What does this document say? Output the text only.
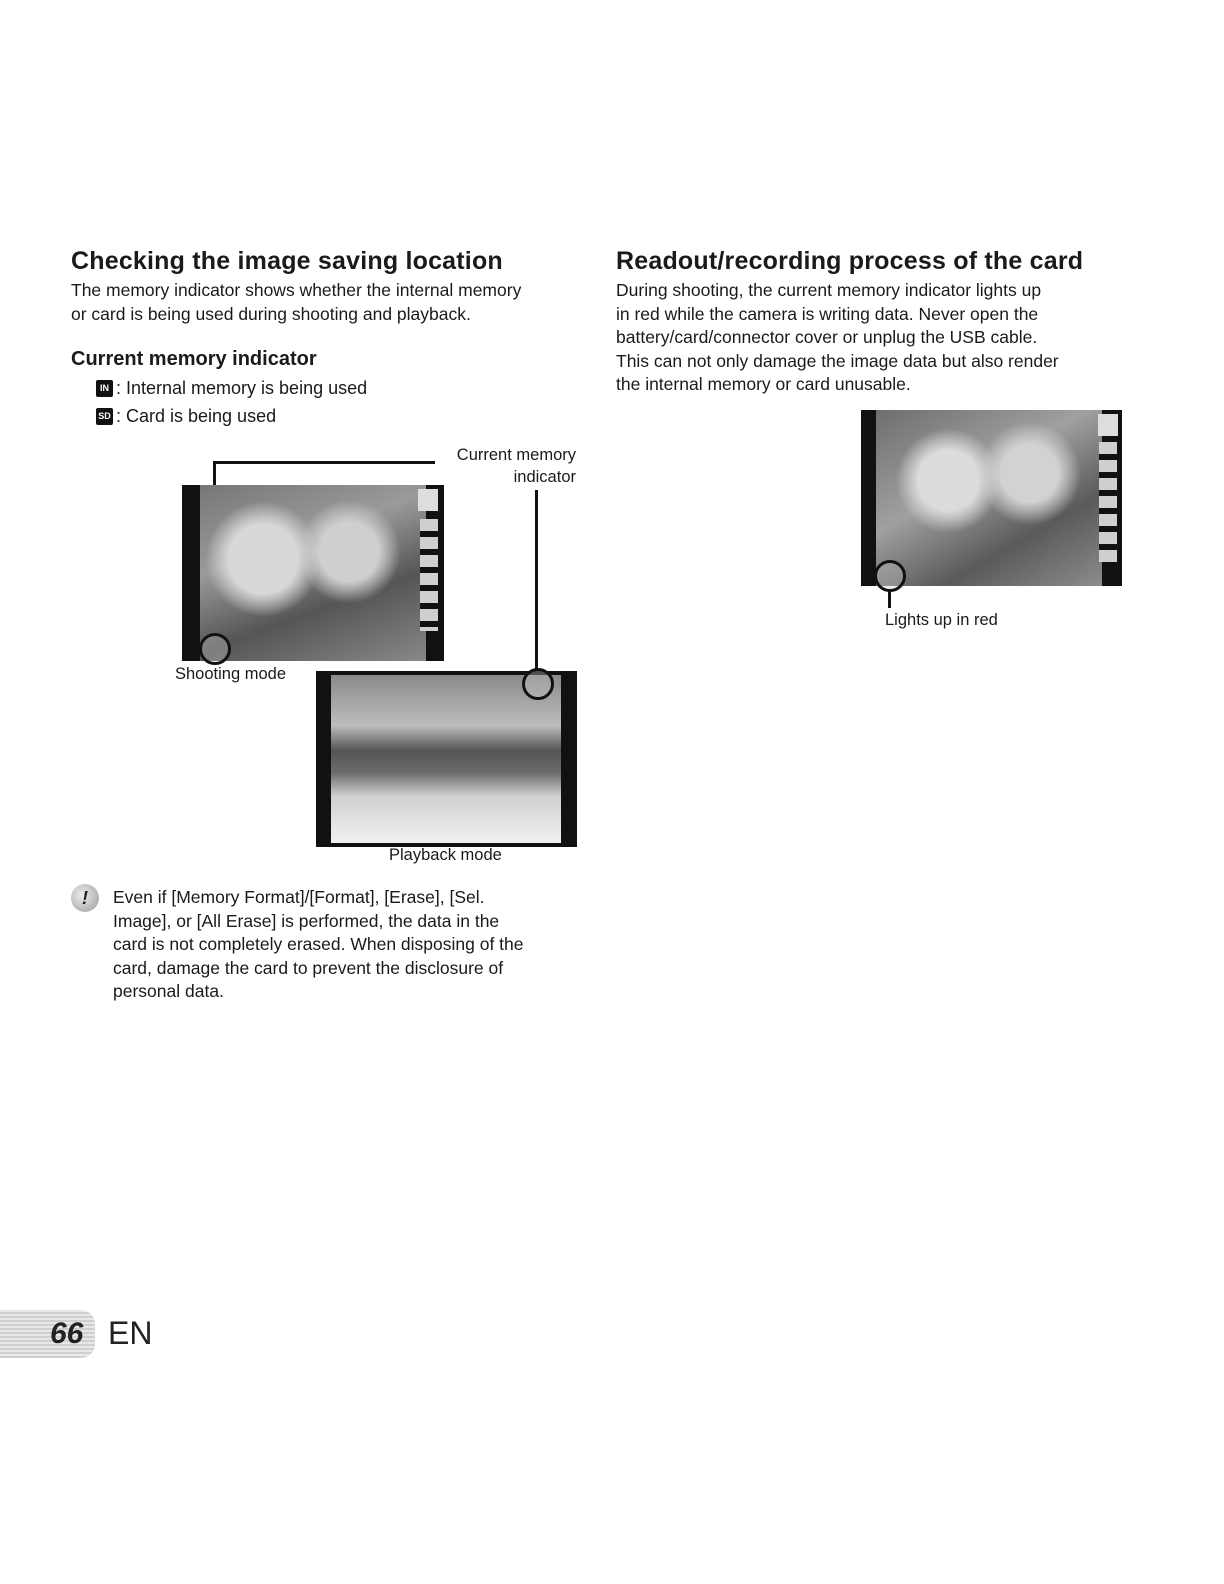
Checking the image saving location
The memory indicator shows whether the internal memory
or card is being used during shooting and playback.
Current memory indicator
IN : Internal memory is being used
SD : Card is being used
Current memory
indicator
Shooting mode
Playback mode
!	Even if [Memory Format]/[Format], [Erase], [Sel.
Image], or [All Erase] is performed, the data in the
card is not completely erased. When disposing of the
card, damage the card to prevent the disclosure of
personal data.
Readout/recording process of the card
During shooting, the current memory indicator lights up
in red while the camera is writing data. Never open the
battery/card/connector cover or unplug the USB cable.
This can not only damage the image data but also render
the internal memory or card unusable.
Lights up in red
66 EN
